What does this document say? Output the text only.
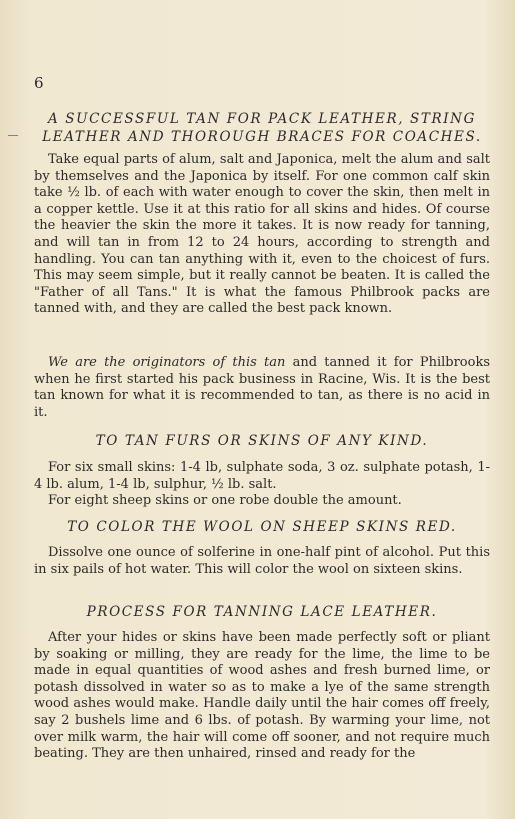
6
A SUCCESSFUL TAN FOR PACK LEATHER, STRING
LEATHER AND THOROUGH BRACES FOR COACHES.

Take equal parts of alum, salt and Japonica, melt the alum and salt by themselves and the Japonica by itself. For one common calf skin take ½ lb. of each with water enough to cover the skin, then melt in a copper kettle. Use it at this ratio for all skins and hides. Of course the heavier the skin the more it takes. It is now ready for tanning, and will tan in from 12 to 24 hours, according to strength and handling. You can tan anything with it, even to the choicest of furs. This may seem simple, but it really cannot be beaten. It is called the "Father of all Tans." It is what the famous Philbrook packs are tanned with, and they are called the best pack known.

We are the originators of this tan and tanned it for Philbrooks when he first started his pack business in Racine, Wis. It is the best tan known for what it is recommended to tan, as there is no acid in it.

TO TAN FURS OR SKINS OF ANY KIND.

For six small skins: 1-4 lb, sulphate soda, 3 oz. sulphate potash, 1-4 lb. alum, 1-4 lb, sulphur, ½ lb. salt.

For eight sheep skins or one robe double the amount.

TO COLOR THE WOOL ON SHEEP SKINS RED.

Dissolve one ounce of solferine in one-half pint of alcohol. Put this in six pails of hot water. This will color the wool on sixteen skins.

PROCESS FOR TANNING LACE LEATHER.

After your hides or skins have been made perfectly soft or pliant by soaking or milling, they are ready for the lime, the lime to be made in equal quantities of wood ashes and fresh burned lime, or potash dissolved in water so as to make a lye of the same strength wood ashes would make. Handle daily until the hair comes off freely, say 2 bushels lime and 6 lbs. of potash. By warming your lime, not over milk warm, the hair will come off sooner, and not require much beating. They are then unhaired, rinsed and ready for the
